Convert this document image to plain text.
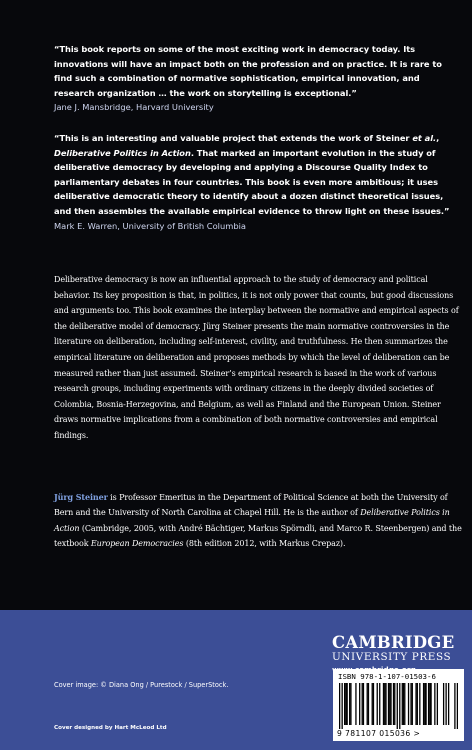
“This book reports on some of the most exciting work in democracy today. Its innovations will have an impact both on the profession and on practice. It is rare to find such a combination of normative sophistication, empirical innovation, and research organization … the work on storytelling is exceptional.”
Jane J. Mansbridge, Harvard University
“This is an interesting and valuable project that extends the work of Steiner et al., Deliberative Politics in Action. That marked an important evolution in the study of deliberative democracy by developing and applying a Discourse Quality Index to parliamentary debates in four countries. This book is even more ambitious; it uses deliberative democratic theory to identify about a dozen distinct theoretical issues, and then assembles the available empirical evidence to throw light on these issues.”
Mark E. Warren, University of British Columbia
Deliberative democracy is now an influential approach to the study of democracy and political behavior. Its key proposition is that, in politics, it is not only power that counts, but good discussions and arguments too. This book examines the interplay between the normative and empirical aspects of the deliberative model of democracy. Jürg Steiner presents the main normative controversies in the literature on deliberation, including self-interest, civility, and truthfulness. He then summarizes the empirical literature on deliberation and proposes methods by which the level of deliberation can be measured rather than just assumed. Steiner’s empirical research is based in the work of various research groups, including experiments with ordinary citizens in the deeply divided societies of Colombia, Bosnia-Herzegovina, and Belgium, as well as Finland and the European Union. Steiner draws normative implications from a combination of both normative controversies and empirical findings.
Jürg Steiner is Professor Emeritus in the Department of Political Science at both the University of Bern and the University of North Carolina at Chapel Hill. He is the author of Deliberative Politics in Action (Cambridge, 2005, with André Bächtiger, Markus Spörndli, and Marco R. Steenbergen) and the textbook European Democracies (8th edition 2012, with Markus Crepaz).
Cover image: © Diana Ong / Purestock / SuperStock.
Cover designed by Hart McLeod Ltd
CAMBRIDGE
UNIVERSITY PRESS
ISBN 978-1-107-01503-6
9 781107 015036 >
